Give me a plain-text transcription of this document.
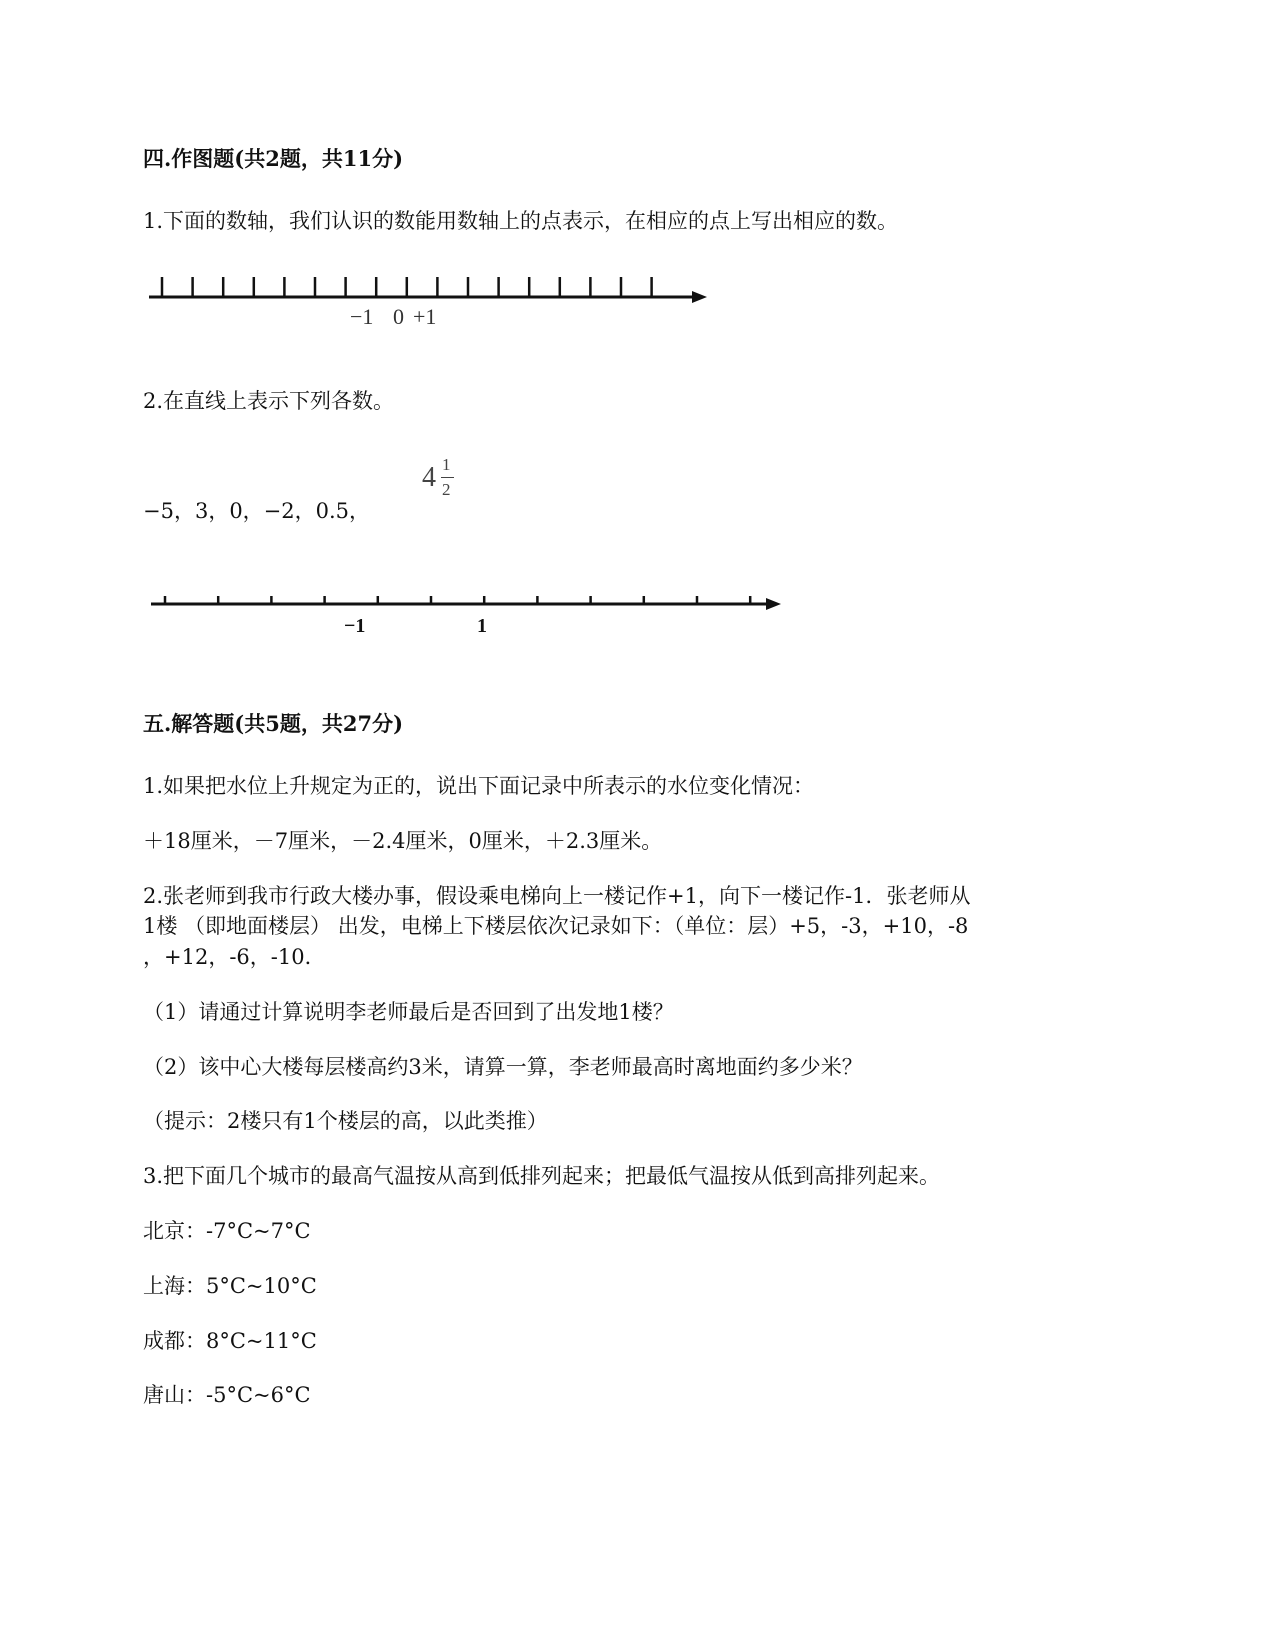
四.作图题(共2题，共11分)
1.下面的数轴，我们认识的数能用数轴上的点表示，在相应的点上写出相应的数。
−1 0 +1
2.在直线上表示下列各数。
−5，3，0，−2，0.5，
4 1
2
−1	1
五.解答题(共5题，共27分)
1.如果把水位上升规定为正的，说出下面记录中所表示的水位变化情况：
＋18厘米，－7厘米，－2.4厘米，0厘米，＋2.3厘米。
2.张老师到我市行政大楼办事，假设乘电梯向上一楼记作+1，向下一楼记作-1．张老师从
1楼 （即地面楼层） 出发，电梯上下楼层依次记录如下：（单位：层）+5，-3，+10，-8
，+12，-6，-10．
（1）请通过计算说明李老师最后是否回到了出发地1楼？
（2）该中心大楼每层楼高约3米，请算一算，李老师最高时离地面约多少米？
（提示：2楼只有1个楼层的高，以此类推）
3.把下面几个城市的最高气温按从高到低排列起来；把最低气温按从低到高排列起来。
北京：-7°C~7°C
上海：5°C~10°C
成都：8°C~11°C
唐山：-5°C~6°C
